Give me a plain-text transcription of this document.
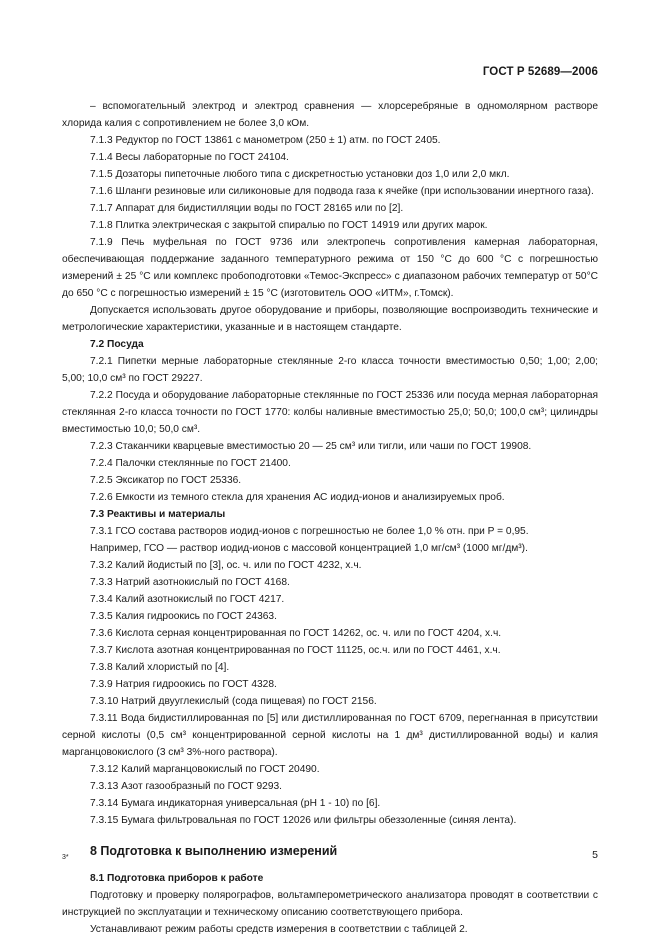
ГОСТ Р 52689—2006

– вспомогательный электрод и электрод сравнения — хлорсеребряные в одномолярном растворе хлорида калия с сопротивлением не более 3,0 кОм.

7.1.3 Редуктор по ГОСТ 13861 с манометром (250 ± 1) атм. по ГОСТ 2405.

7.1.4 Весы лабораторные по ГОСТ 24104.

7.1.5 Дозаторы пипеточные любого типа с дискретностью установки доз 1,0 или 2,0 мкл.

7.1.6 Шланги резиновые или силиконовые для подвода газа к ячейке (при использовании инертного газа).

7.1.7 Аппарат для бидистилляции воды по ГОСТ 28165 или по [2].

7.1.8 Плитка электрическая с закрытой спиралью по ГОСТ 14919 или других марок.

7.1.9 Печь муфельная по ГОСТ 9736 или электропечь сопротивления камерная лабораторная, обеспечивающая поддержание заданного температурного режима от 150 °С до 600 °С с погрешностью измерений ± 25 °С или комплекс пробоподготовки «Темос-Экспресс» с диапазоном рабочих температур от 50°С до 650 °С с погрешностью измерений ± 15 °С (изготовитель ООО «ИТМ», г.Томск).

Допускается использовать другое оборудование и приборы, позволяющие воспроизводить технические и метрологические характеристики, указанные и в настоящем стандарте.

7.2 Посуда

7.2.1 Пипетки мерные лабораторные стеклянные 2-го класса точности вместимостью 0,50; 1,00; 2,00; 5,00; 10,0 см³ по ГОСТ 29227.

7.2.2 Посуда и оборудование лабораторные стеклянные по ГОСТ 25336 или посуда мерная лабораторная стеклянная 2-го класса точности по ГОСТ 1770: колбы наливные вместимостью 25,0; 50,0; 100,0 см³; цилиндры вместимостью 10,0; 50,0 см³.

7.2.3 Стаканчики кварцевые вместимостью 20 — 25 см³ или тигли, или чаши по ГОСТ 19908.

7.2.4 Палочки стеклянные по ГОСТ 21400.

7.2.5 Эксикатор по ГОСТ 25336.

7.2.6 Емкости из темного стекла для хранения АС иодид-ионов и анализируемых проб.

7.3 Реактивы и материалы

7.3.1 ГСО состава растворов иодид-ионов с погрешностью не более 1,0 % отн. при P = 0,95.

Например, ГСО — раствор иодид-ионов с массовой концентрацией 1,0 мг/см³ (1000 мг/дм³).

7.3.2 Калий йодистый по [3], ос. ч. или по ГОСТ 4232, х.ч.

7.3.3 Натрий азотнокислый по ГОСТ 4168.

7.3.4 Калий азотнокислый по ГОСТ 4217.

7.3.5 Калия гидроокись по ГОСТ 24363.

7.3.6 Кислота серная концентрированная по ГОСТ 14262, ос. ч. или по ГОСТ 4204, х.ч.

7.3.7 Кислота азотная концентрированная по ГОСТ 11125, ос.ч. или по ГОСТ 4461, х.ч.

7.3.8 Калий хлористый по [4].

7.3.9 Натрия гидроокись по ГОСТ 4328.

7.3.10 Натрий двууглекислый (сода пищевая) по ГОСТ 2156.

7.3.11 Вода бидистиллированная по [5] или дистиллированная по ГОСТ 6709, перегнанная в присутствии серной кислоты (0,5 см³ концентрированной серной кислоты на 1 дм³ дистиллированной воды) и калия марганцовокислого (3 см³ 3%-ного раствора).

7.3.12 Калий марганцовокислый по ГОСТ 20490.

7.3.13 Азот газообразный по ГОСТ 9293.

7.3.14 Бумага индикаторная универсальная (рН 1 - 10) по [6].

7.3.15 Бумага фильтровальная по ГОСТ 12026 или фильтры обеззоленные (синяя лента).

8 Подготовка к выполнению измерений

8.1 Подготовка приборов к работе

Подготовку и проверку полярографов, вольтамперометрического анализатора проводят в соответствии с инструкцией по эксплуатации и техническому описанию соответствующего прибора.

Устанавливают режим работы средств измерения в соответствии с таблицей 2.

3*	5
